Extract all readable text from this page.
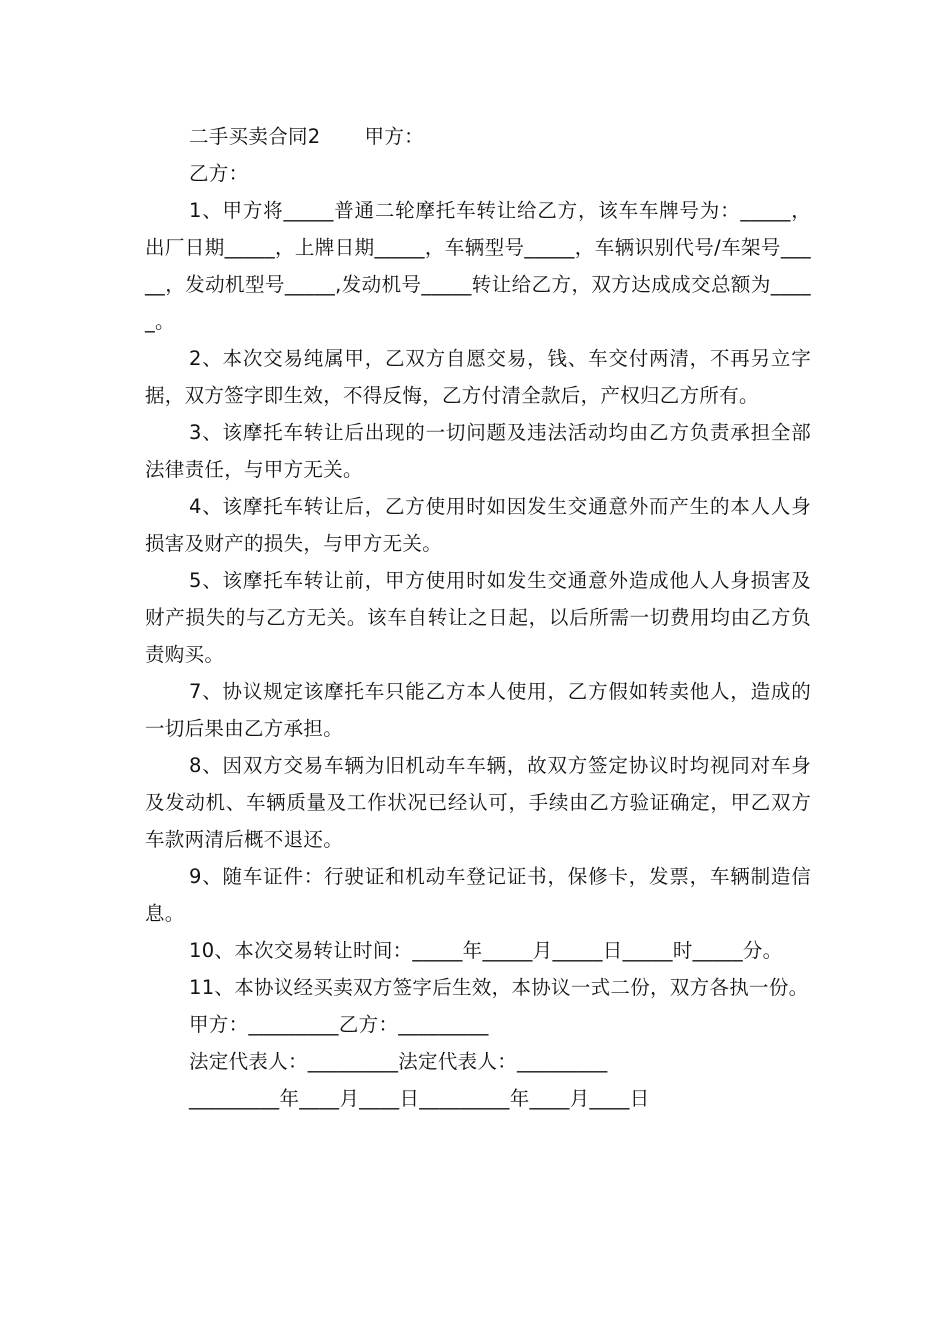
二手买卖合同2 甲方：

乙方：

1、甲方将_____普通二轮摩托车转让给乙方，该车车牌号为：_____，出厂日期_____，上牌日期_____，车辆型号_____，车辆识别代号/车架号_____，发动机型号_____,发动机号_____转让给乙方，双方达成成交总额为_____。

2、本次交易纯属甲，乙双方自愿交易，钱、车交付两清，不再另立字据，双方签字即生效，不得反悔，乙方付清全款后，产权归乙方所有。

3、该摩托车转让后出现的一切问题及违法活动均由乙方负责承担全部法律责任，与甲方无关。

4、该摩托车转让后，乙方使用时如因发生交通意外而产生的本人人身损害及财产的损失，与甲方无关。

5、该摩托车转让前，甲方使用时如发生交通意外造成他人人身损害及财产损失的与乙方无关。该车自转让之日起，以后所需一切费用均由乙方负责购买。

7、协议规定该摩托车只能乙方本人使用，乙方假如转卖他人，造成的一切后果由乙方承担。

8、因双方交易车辆为旧机动车车辆，故双方签定协议时均视同对车身及发动机、车辆质量及工作状况已经认可，手续由乙方验证确定，甲乙双方车款两清后概不退还。

9、随车证件：行驶证和机动车登记证书，保修卡，发票，车辆制造信息。

10、本次交易转让时间：_____年_____月_____日_____时_____分。

11、本协议经买卖双方签字后生效，本协议一式二份，双方各执一份。

甲方：_________乙方：_________

法定代表人：_________法定代表人：_________

_________年____月____日_________年____月____日
